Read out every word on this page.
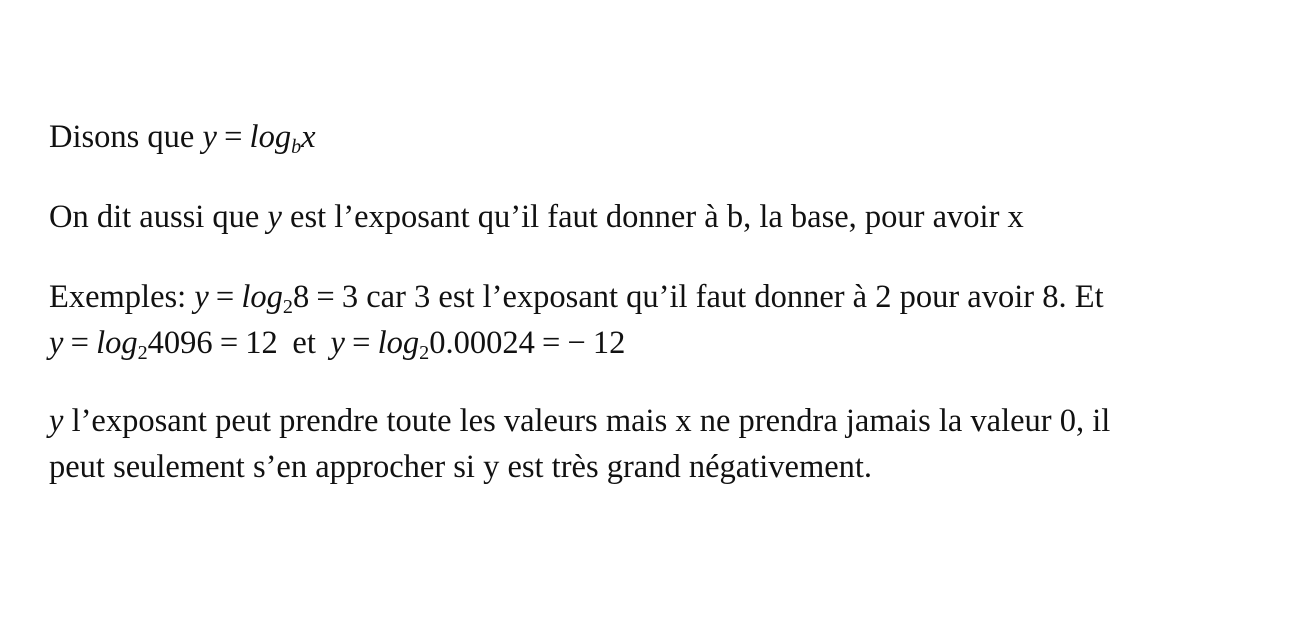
Disons que $y = \log_bx$

On dit aussi que y est l’exposant qu’il faut donner à b, la base, pour avoir x

Exemples: $y = \log_28 = 3$ car 3 est l’exposant qu’il faut donner à 2 pour avoir 8. Et
$y = \log_24096 = 12$ et $y = \log_20.00024$ = − 12

y l’exposant peut prendre toute les valeurs mais x ne prendra jamais la valeur 0, il
peut seulement s’en approcher si y est très grand négativement.
